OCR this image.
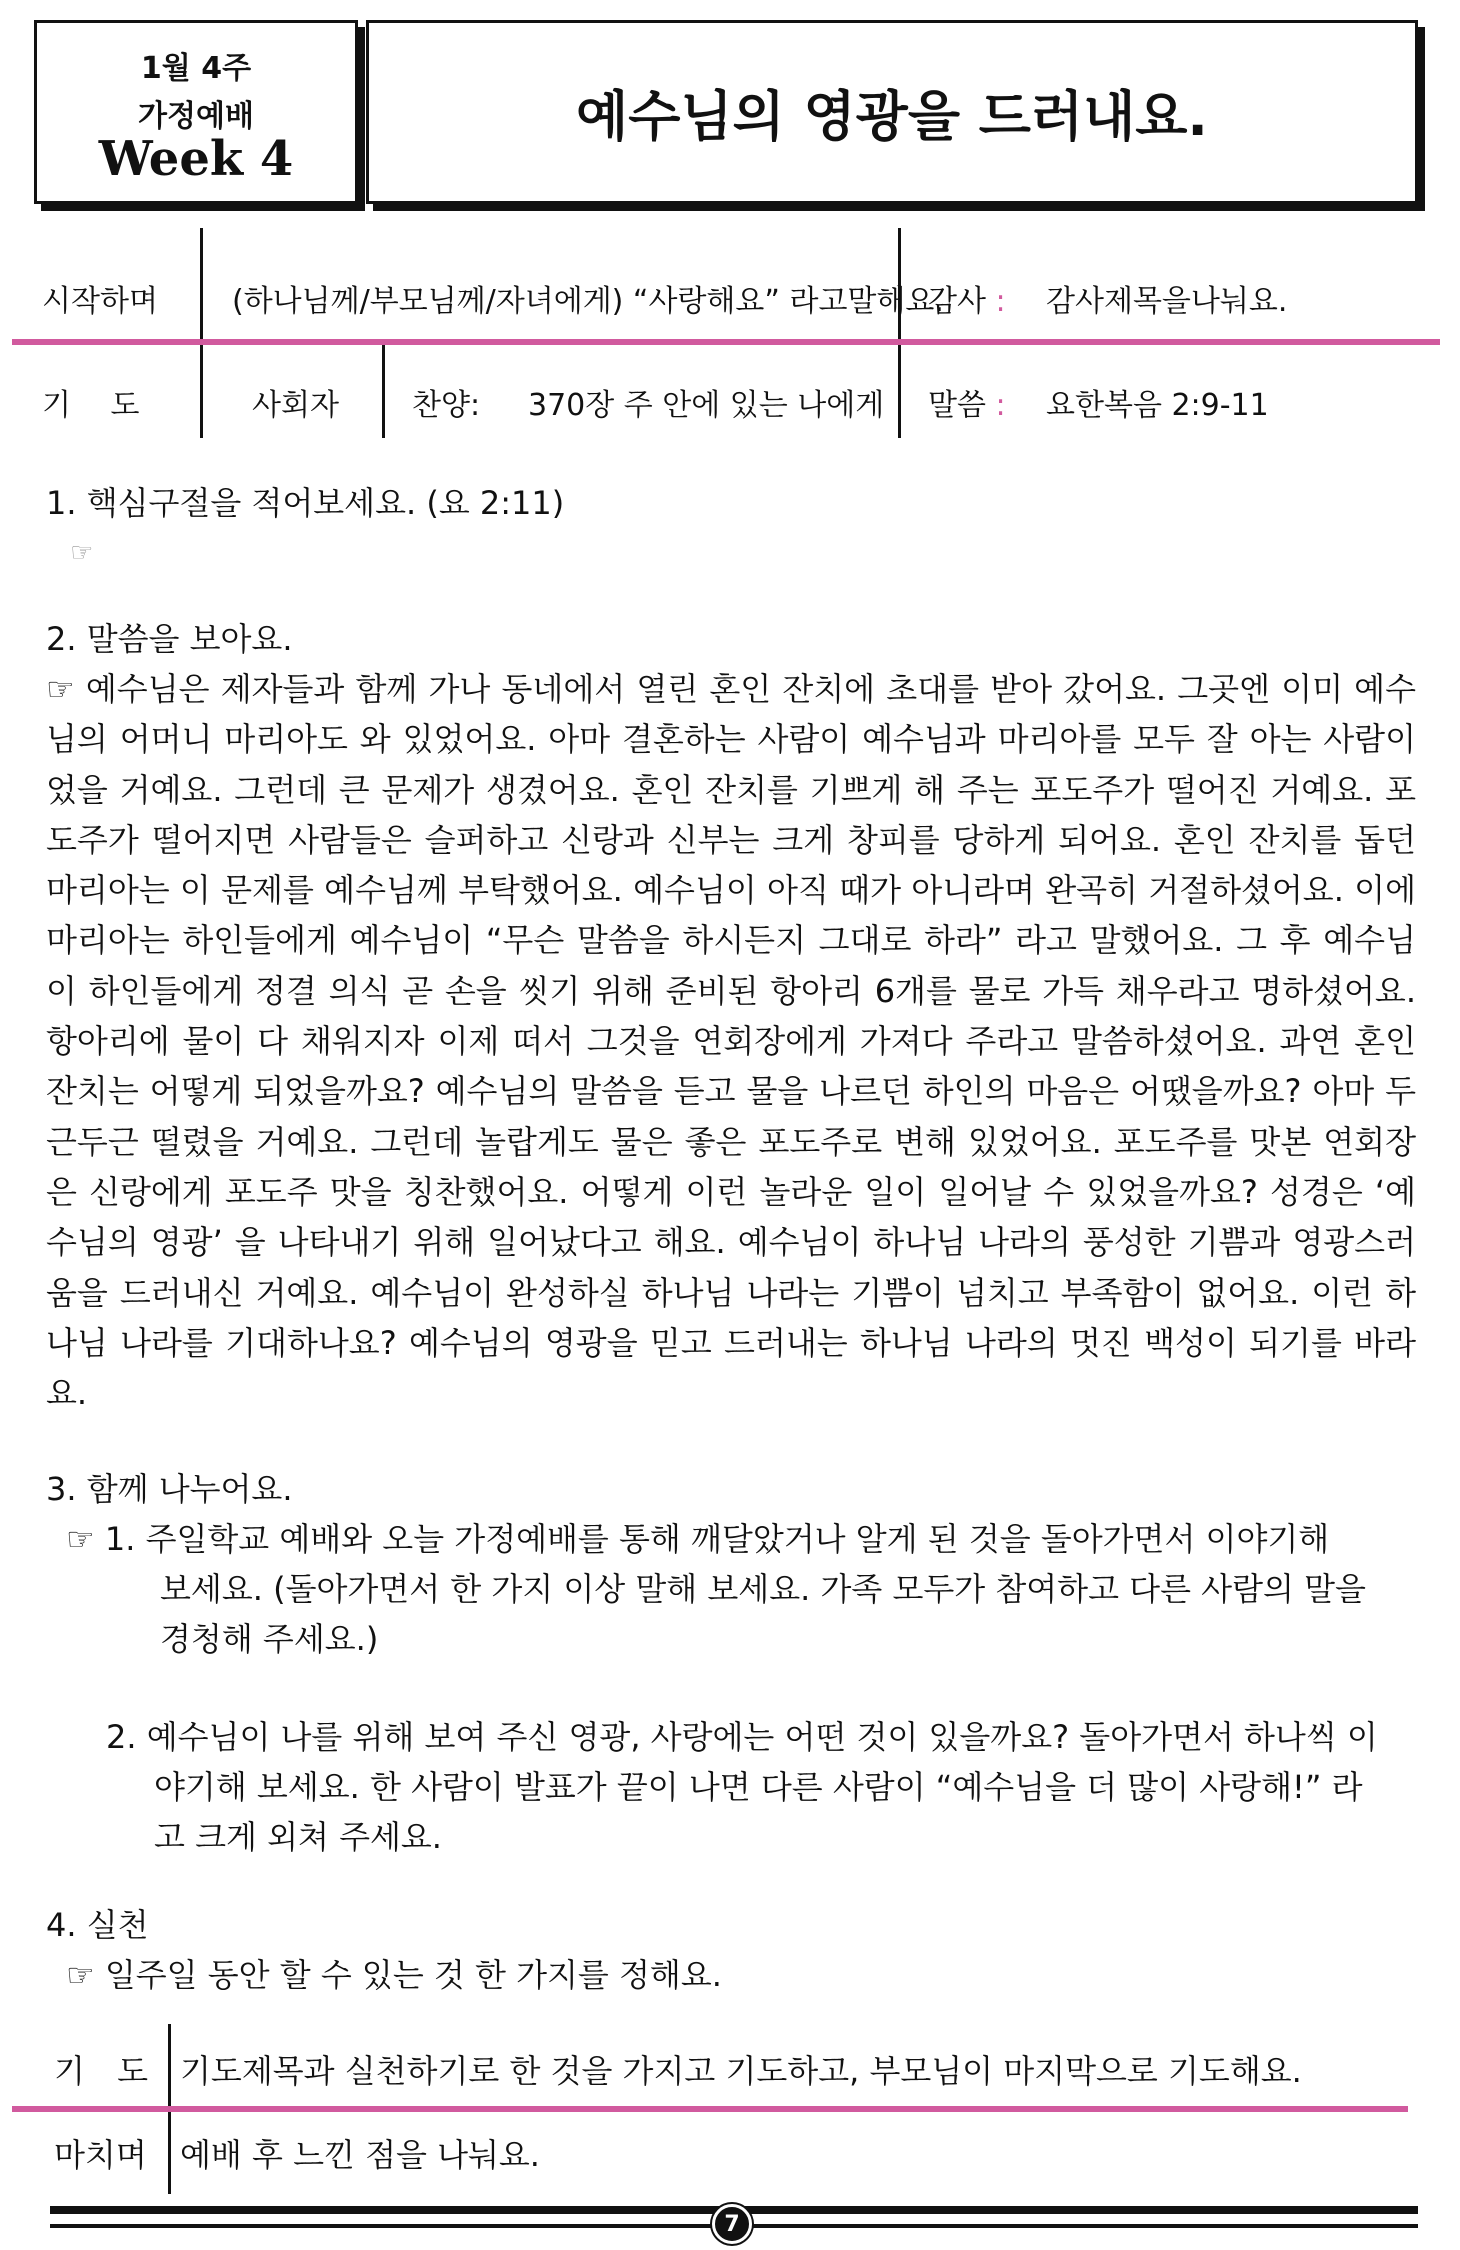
1월 4주
가정예배
Week 4
예수님의 영광을 드러내요.
시작하며 (하나님께/부모님께/자녀에게) “사랑해요” 라고말해요.
감사 : 감사제목을나눠요.
기 도	사회자 찬양: 370장 주 안에 있는 나에게 말씀 : 요한복음 2:9-11
1. 핵심구절을 적어보세요. (요 2:11)
☞
2. 말씀을 보아요.
☞ 예수님은 제자들과 함께 가나 동네에서 열린 혼인 잔치에 초대를 받아 갔어요. 그곳엔 이미 예수님의 어머니 마리아도 와 있었어요. 아마 결혼하는 사람이 예수님과 마리아를 모두 잘 아는 사람이었을 거예요. 그런데 큰 문제가 생겼어요. 혼인 잔치를 기쁘게 해 주는 포도주가 떨어진 거예요. 포도주가 떨어지면 사람들은 슬퍼하고 신랑과 신부는 크게 창피를 당하게 되어요. 혼인 잔치를 돕던 마리아는 이 문제를 예수님께 부탁했어요. 예수님이 아직 때가 아니라며 완곡히 거절하셨어요. 이에 마리아는 하인들에게 예수님이 “무슨 말씀을 하시든지 그대로 하라” 라고 말했어요. 그 후 예수님이 하인들에게 정결 의식 곧 손을 씻기 위해 준비된 항아리 6개를 물로 가득 채우라고 명하셨어요. 항아리에 물이 다 채워지자 이제 떠서 그것을 연회장에게 가져다 주라고 말씀하셨어요. 과연 혼인 잔치는 어떻게 되었을까요? 예수님의 말씀을 듣고 물을 나르던 하인의 마음은 어땠을까요? 아마 두근두근 떨렸을 거예요. 그런데 놀랍게도 물은 좋은 포도주로 변해 있었어요. 포도주를 맛본 연회장은 신랑에게 포도주 맛을 칭찬했어요. 어떻게 이런 놀라운 일이 일어날 수 있었을까요? 성경은 ‘예수님의 영광’ 을 나타내기 위해 일어났다고 해요. 예수님이 하나님 나라의 풍성한 기쁨과 영광스러움을 드러내신 거예요. 예수님이 완성하실 하나님 나라는 기쁨이 넘치고 부족함이 없어요. 이런 하나님 나라를 기대하나요? 예수님의 영광을 믿고 드러내는 하나님 나라의 멋진 백성이 되기를 바라요.
3. 함께 나누어요.
☞ 1. 주일학교 예배와 오늘 가정예배를 통해 깨달았거나 알게 된 것을 돌아가면서 이야기해
보세요. (돌아가면서 한 가지 이상 말해 보세요. 가족 모두가 참여하고 다른 사람의 말을
경청해 주세요.)
2. 예수님이 나를 위해 보여 주신 영광, 사랑에는 어떤 것이 있을까요? 돌아가면서 하나씩 이
야기해 보세요. 한 사람이 발표가 끝이 나면 다른 사람이 “예수님을 더 많이 사랑해!” 라
고 크게 외쳐 주세요.
4. 실천
☞ 일주일 동안 할 수 있는 것 한 가지를 정해요.
기 도 기도제목과 실천하기로 한 것을 가지고 기도하고, 부모님이 마지막으로 기도해요.
마치며 예배 후 느낀 점을 나눠요.
7
